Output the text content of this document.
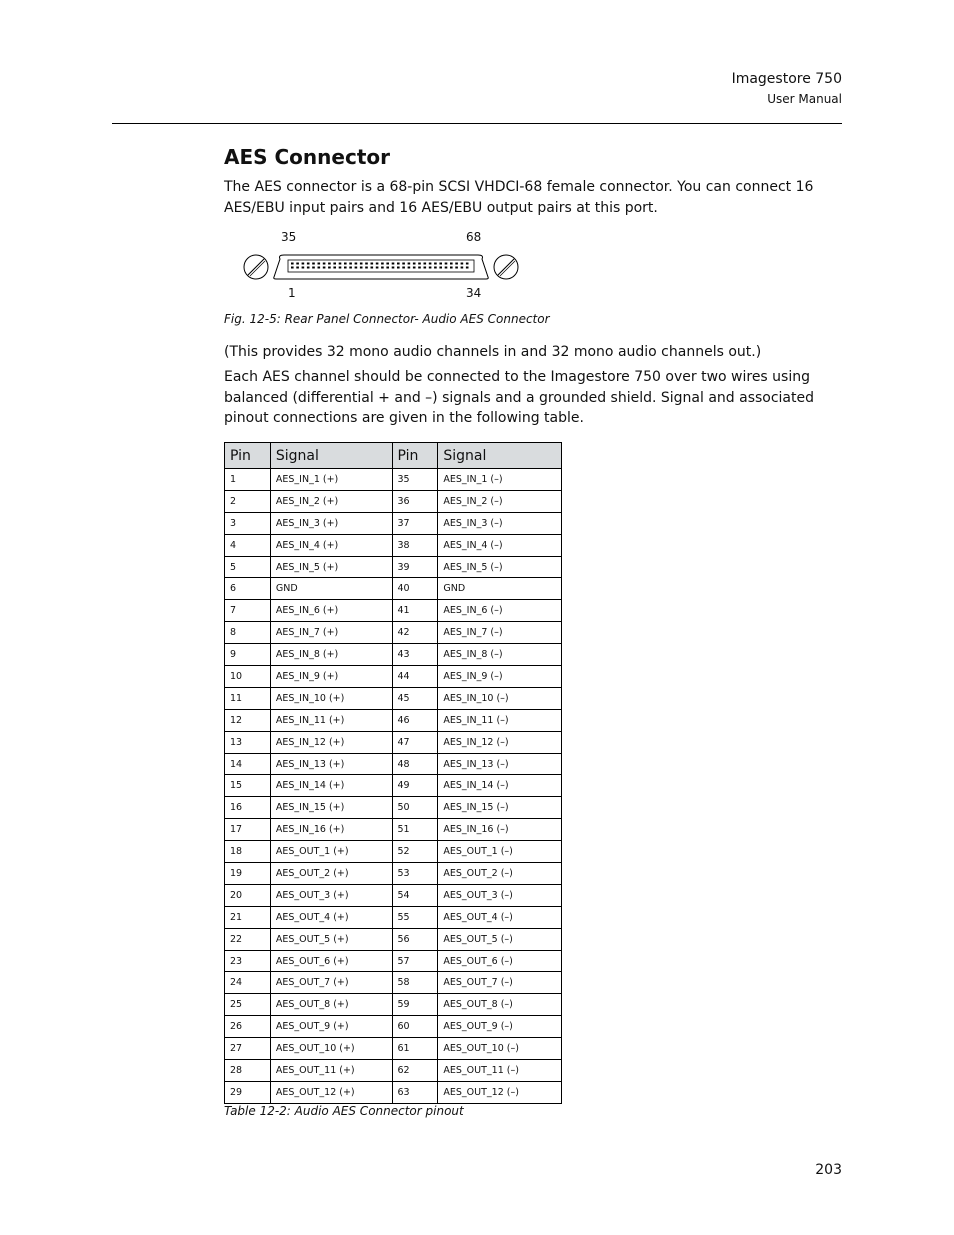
Imagestore 750
User Manual
AES Connector

The AES connector is a 68-pin SCSI VHDCI-68 female connector. You can connect 16 AES/EBU input pairs and 16 AES/EBU output pairs at this port.

35	68
1	34
Fig. 12-5: Rear Panel Connector- Audio AES Connector

(This provides 32 mono audio channels in and 32 mono audio channels out.)

Each AES channel should be connected to the Imagestore 750 over two wires using balanced (differential + and –) signals and a grounded shield. Signal and associated pinout connections are given in the following table.

Pin	Signal	Pin	Signal
1	AES_IN_1 (+)	35	AES_IN_1 (–)
2	AES_IN_2 (+)	36	AES_IN_2 (–)
3	AES_IN_3 (+)	37	AES_IN_3 (–)
4	AES_IN_4 (+)	38	AES_IN_4 (–)
5	AES_IN_5 (+)	39	AES_IN_5 (–)
6	GND	40	GND
7	AES_IN_6 (+)	41	AES_IN_6 (–)
8	AES_IN_7 (+)	42	AES_IN_7 (–)
9	AES_IN_8 (+)	43	AES_IN_8 (–)
10	AES_IN_9 (+)	44	AES_IN_9 (–)
11	AES_IN_10 (+)	45	AES_IN_10 (–)
12	AES_IN_11 (+)	46	AES_IN_11 (–)
13	AES_IN_12 (+)	47	AES_IN_12 (–)
14	AES_IN_13 (+)	48	AES_IN_13 (–)
15	AES_IN_14 (+)	49	AES_IN_14 (–)
16	AES_IN_15 (+)	50	AES_IN_15 (–)
17	AES_IN_16 (+)	51	AES_IN_16 (–)
18	AES_OUT_1 (+)	52	AES_OUT_1 (–)
19	AES_OUT_2 (+)	53	AES_OUT_2 (–)
20	AES_OUT_3 (+)	54	AES_OUT_3 (–)
21	AES_OUT_4 (+)	55	AES_OUT_4 (–)
22	AES_OUT_5 (+)	56	AES_OUT_5 (–)
23	AES_OUT_6 (+)	57	AES_OUT_6 (–)
24	AES_OUT_7 (+)	58	AES_OUT_7 (–)
25	AES_OUT_8 (+)	59	AES_OUT_8 (–)
26	AES_OUT_9 (+)	60	AES_OUT_9 (–)
27	AES_OUT_10 (+)	61	AES_OUT_10 (–)
28	AES_OUT_11 (+)	62	AES_OUT_11 (–)
29	AES_OUT_12 (+)	63	AES_OUT_12 (–)
Table 12-2: Audio AES Connector pinout
203
